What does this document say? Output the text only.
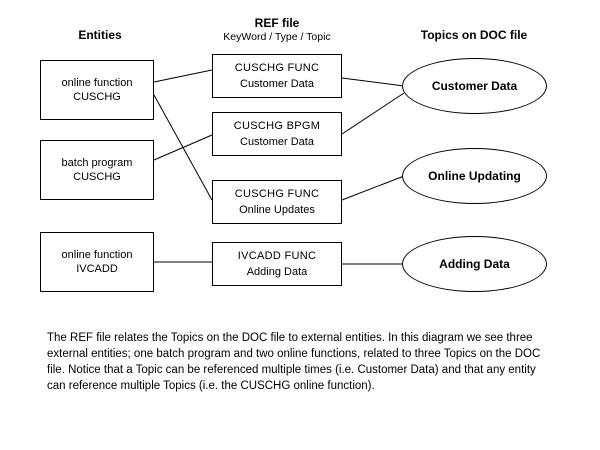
Entities
REF file
KeyWord / Type / Topic	Topics on DOC file
online function
CUSCHG
batch program
CUSCHG
online function
IVCADD
CUSCHG FUNC
Customer Data
CUSCHG BPGM
Customer Data
CUSCHG FUNC
Online Updates
IVCADD FUNC
Adding Data
Customer Data
Online Updating
Adding Data
The REF file relates the Topics on the DOC file to external entities. In this diagram we see three external entities; one batch program and two online functions, related to three Topics on the DOC file. Notice that a Topic can be referenced multiple times (i.e. Customer Data) and that any entity can reference multiple Topics (i.e. the CUSCHG online function).
